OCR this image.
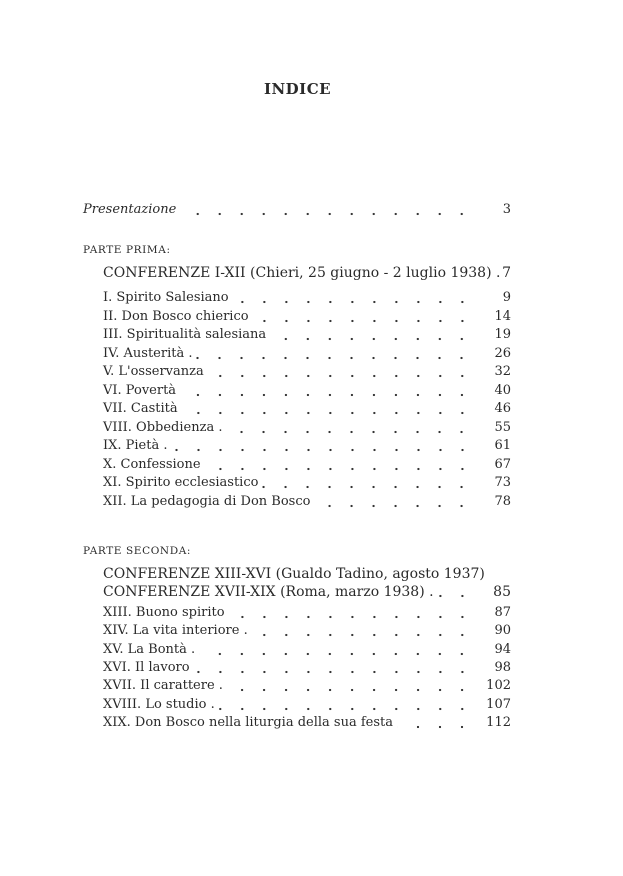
INDICE
Presentazione	3
PARTE PRIMA:
CONFERENZE I-XII (Chieri, 25 giugno - 2 luglio 1938) . 7
I. Spirito Salesiano	9
II. Don Bosco chierico	14
III. Spiritualità salesiana	19
IV. Austerità .	26
V. L'osservanza	32
VI. Povertà	40
VII. Castità	46
VIII. Obbedienza .	55
IX. Pietà .	61
X. Confessione	67
XI. Spirito ecclesiastico	73
XII. La pedagogia di Don Bosco	78
PARTE SECONDA:
CONFERENZE XIII-XVI (Gualdo Tadino, agosto 1937)
CONFERENZE XVII-XIX (Roma, marzo 1938) .	85
XIII. Buono spirito	87
XIV. La vita interiore .	90
XV. La Bontà .	94
XVI. Il lavoro	98
XVII. Il carattere .	102
XVIII. Lo studio .	107
XIX. Don Bosco nella liturgia della sua festa	112
